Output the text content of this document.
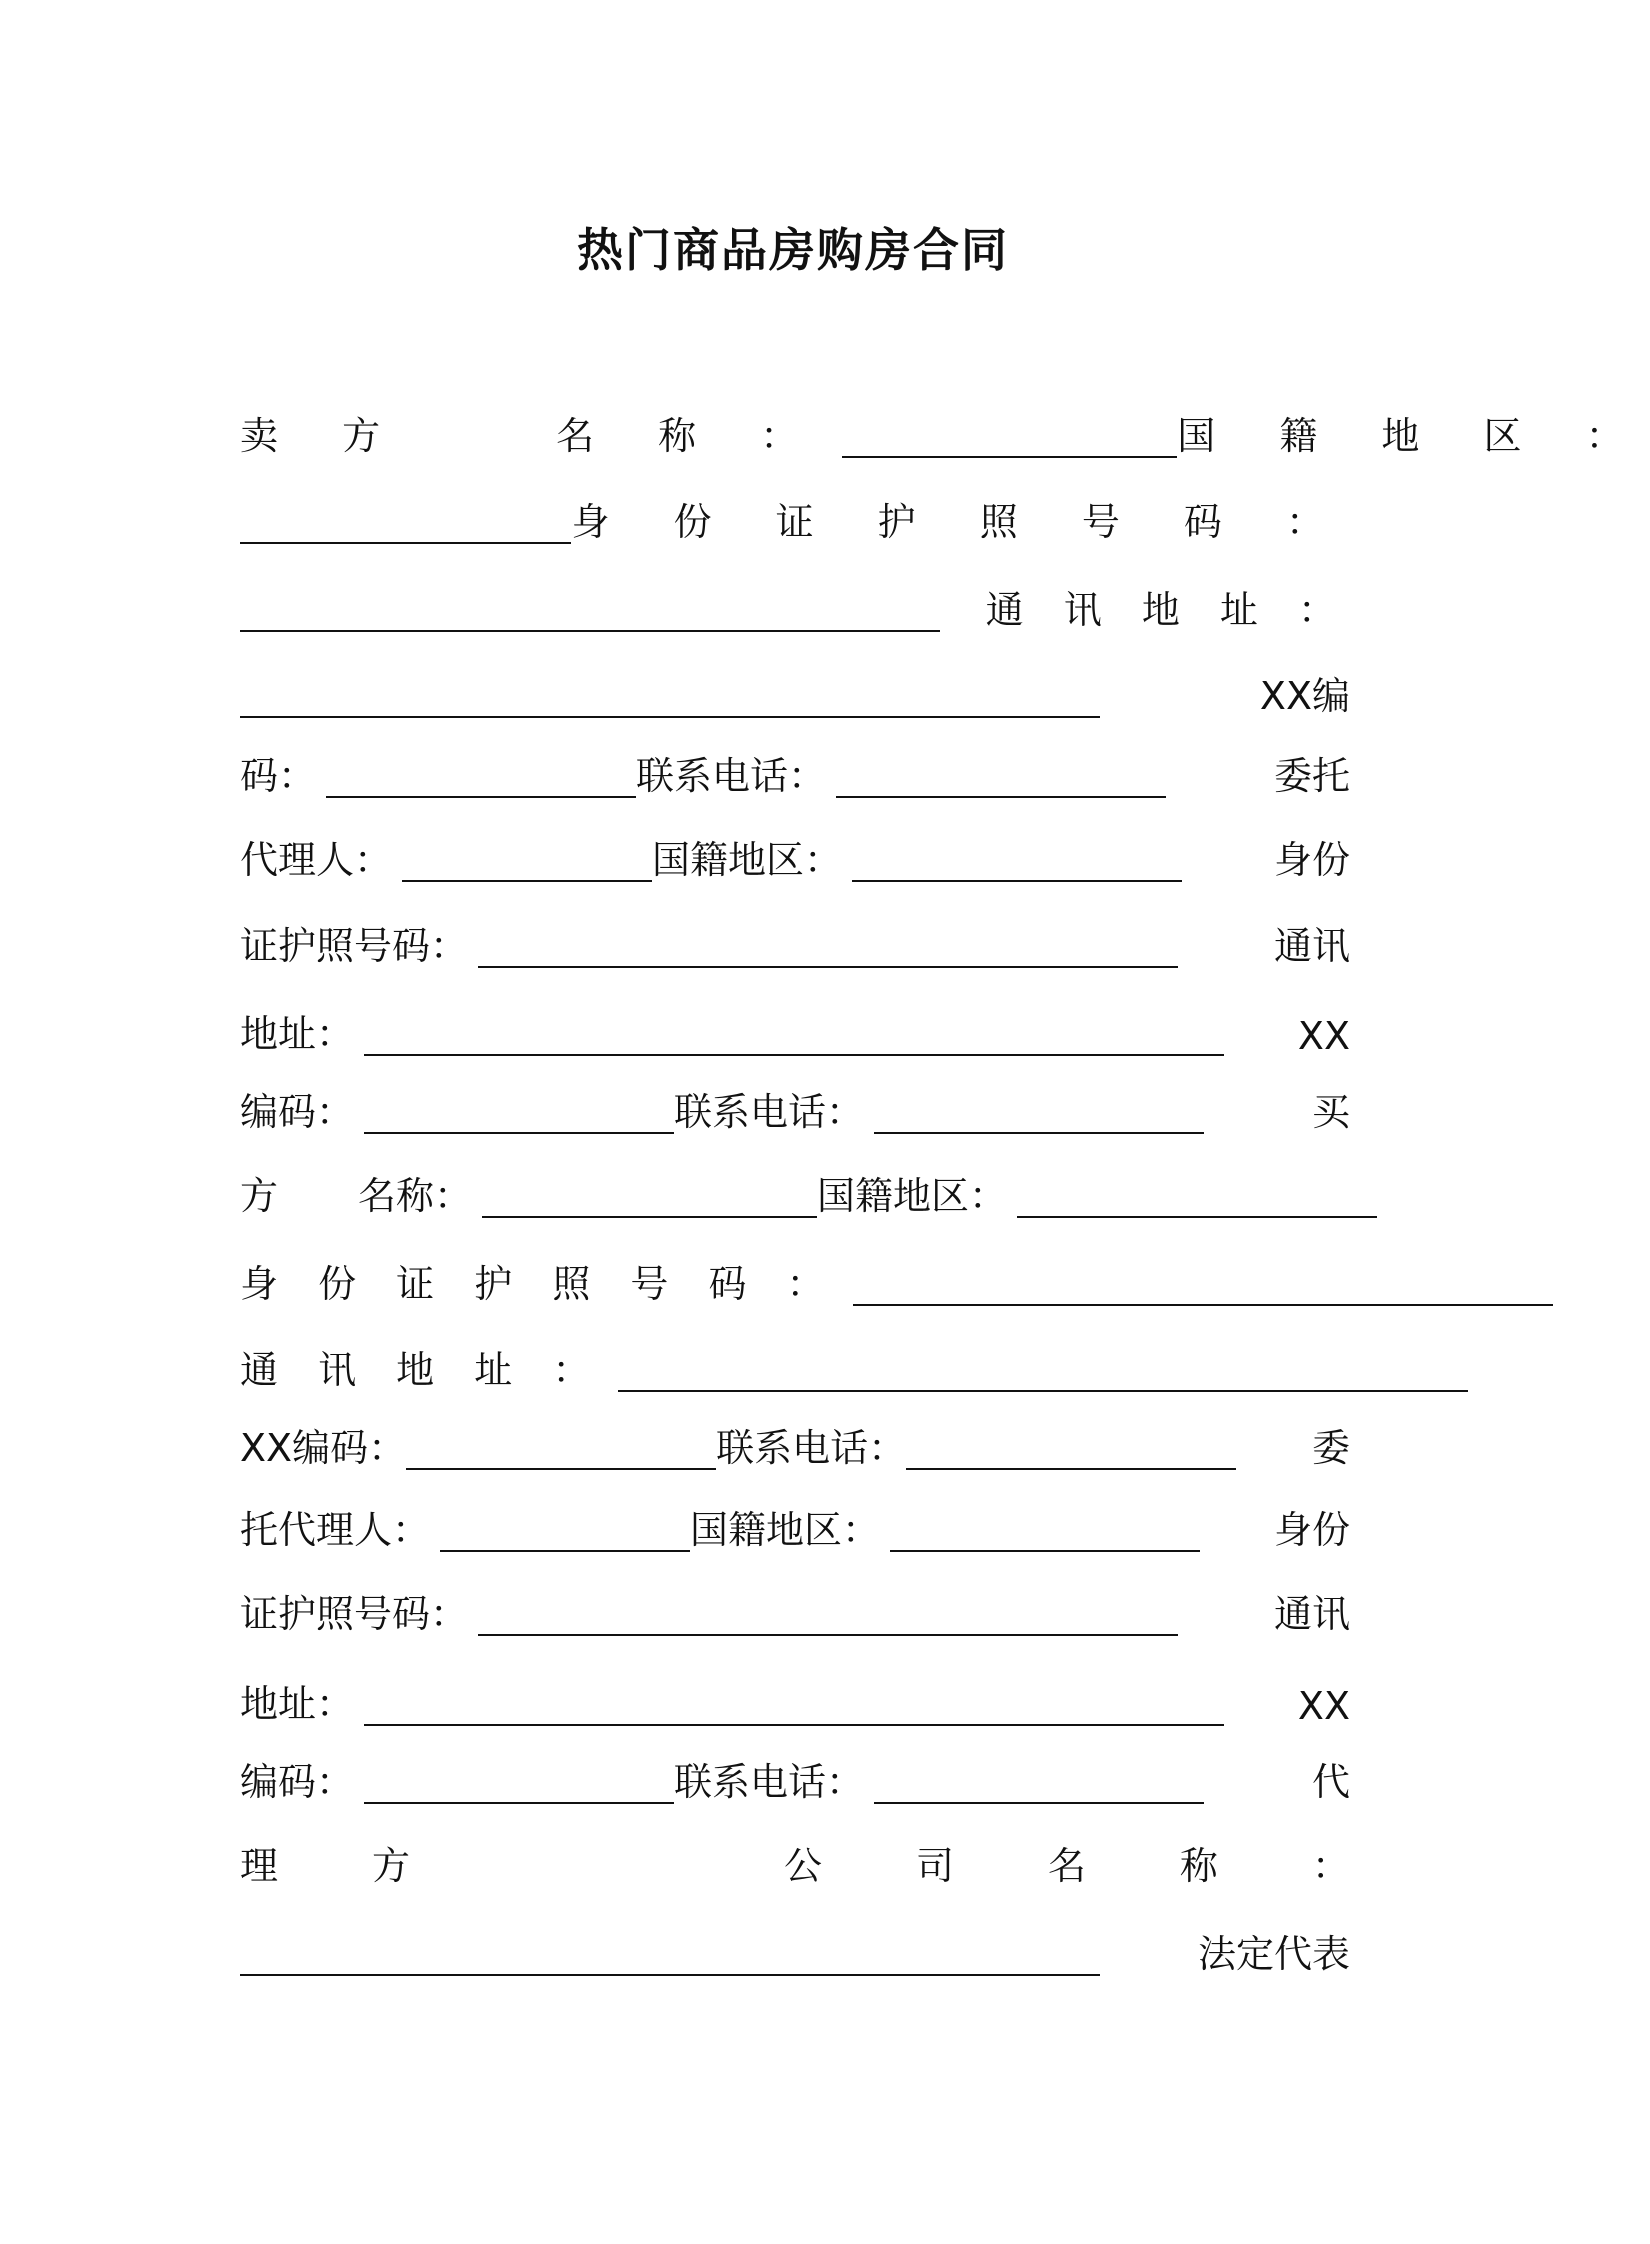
热门商品房购房合同
卖 方	名 称 ：	国 籍 地 区 ：
身 份 证 护 照 号 码 ：
通 讯 地 址 ：
XX编
码：	联系电话：	委托
代理人：	国籍地区：	身份
证护照号码：	通讯
地址：	XX
编码：	联系电话：	买
方 名称：	国籍地区：
身 份 证 护 照 号 码 ：
通 讯 地 址 ：
XX编码：	联系电话：	委
托代理人：	国籍地区：	身份
证护照号码：	通讯
地址：	XX
编码：	联系电话：	代
理 方	公 司 名 称 ：
法定代表
